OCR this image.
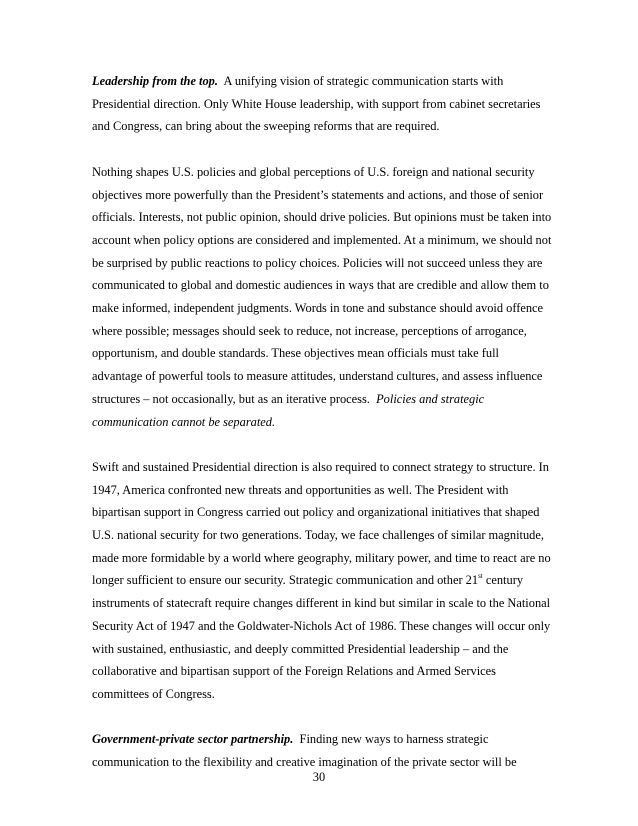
Leadership from the top. A unifying vision of strategic communication starts with Presidential direction. Only White House leadership, with support from cabinet secretaries and Congress, can bring about the sweeping reforms that are required.

Nothing shapes U.S. policies and global perceptions of U.S. foreign and national security objectives more powerfully than the President’s statements and actions, and those of senior officials. Interests, not public opinion, should drive policies. But opinions must be taken into account when policy options are considered and implemented. At a minimum, we should not be surprised by public reactions to policy choices. Policies will not succeed unless they are communicated to global and domestic audiences in ways that are credible and allow them to make informed, independent judgments. Words in tone and substance should avoid offence where possible; messages should seek to reduce, not increase, perceptions of arrogance, opportunism, and double standards. These objectives mean officials must take full advantage of powerful tools to measure attitudes, understand cultures, and assess influence structures – not occasionally, but as an iterative process. Policies and strategic communication cannot be separated.

Swift and sustained Presidential direction is also required to connect strategy to structure. In 1947, America confronted new threats and opportunities as well. The President with bipartisan support in Congress carried out policy and organizational initiatives that shaped U.S. national security for two generations. Today, we face challenges of similar magnitude, made more formidable by a world where geography, military power, and time to react are no longer sufficient to ensure our security. Strategic communication and other 21st century instruments of statecraft require changes different in kind but similar in scale to the National Security Act of 1947 and the Goldwater-Nichols Act of 1986. These changes will occur only with sustained, enthusiastic, and deeply committed Presidential leadership – and the collaborative and bipartisan support of the Foreign Relations and Armed Services committees of Congress.

Government-private sector partnership. Finding new ways to harness strategic communication to the flexibility and creative imagination of the private sector will be

30
